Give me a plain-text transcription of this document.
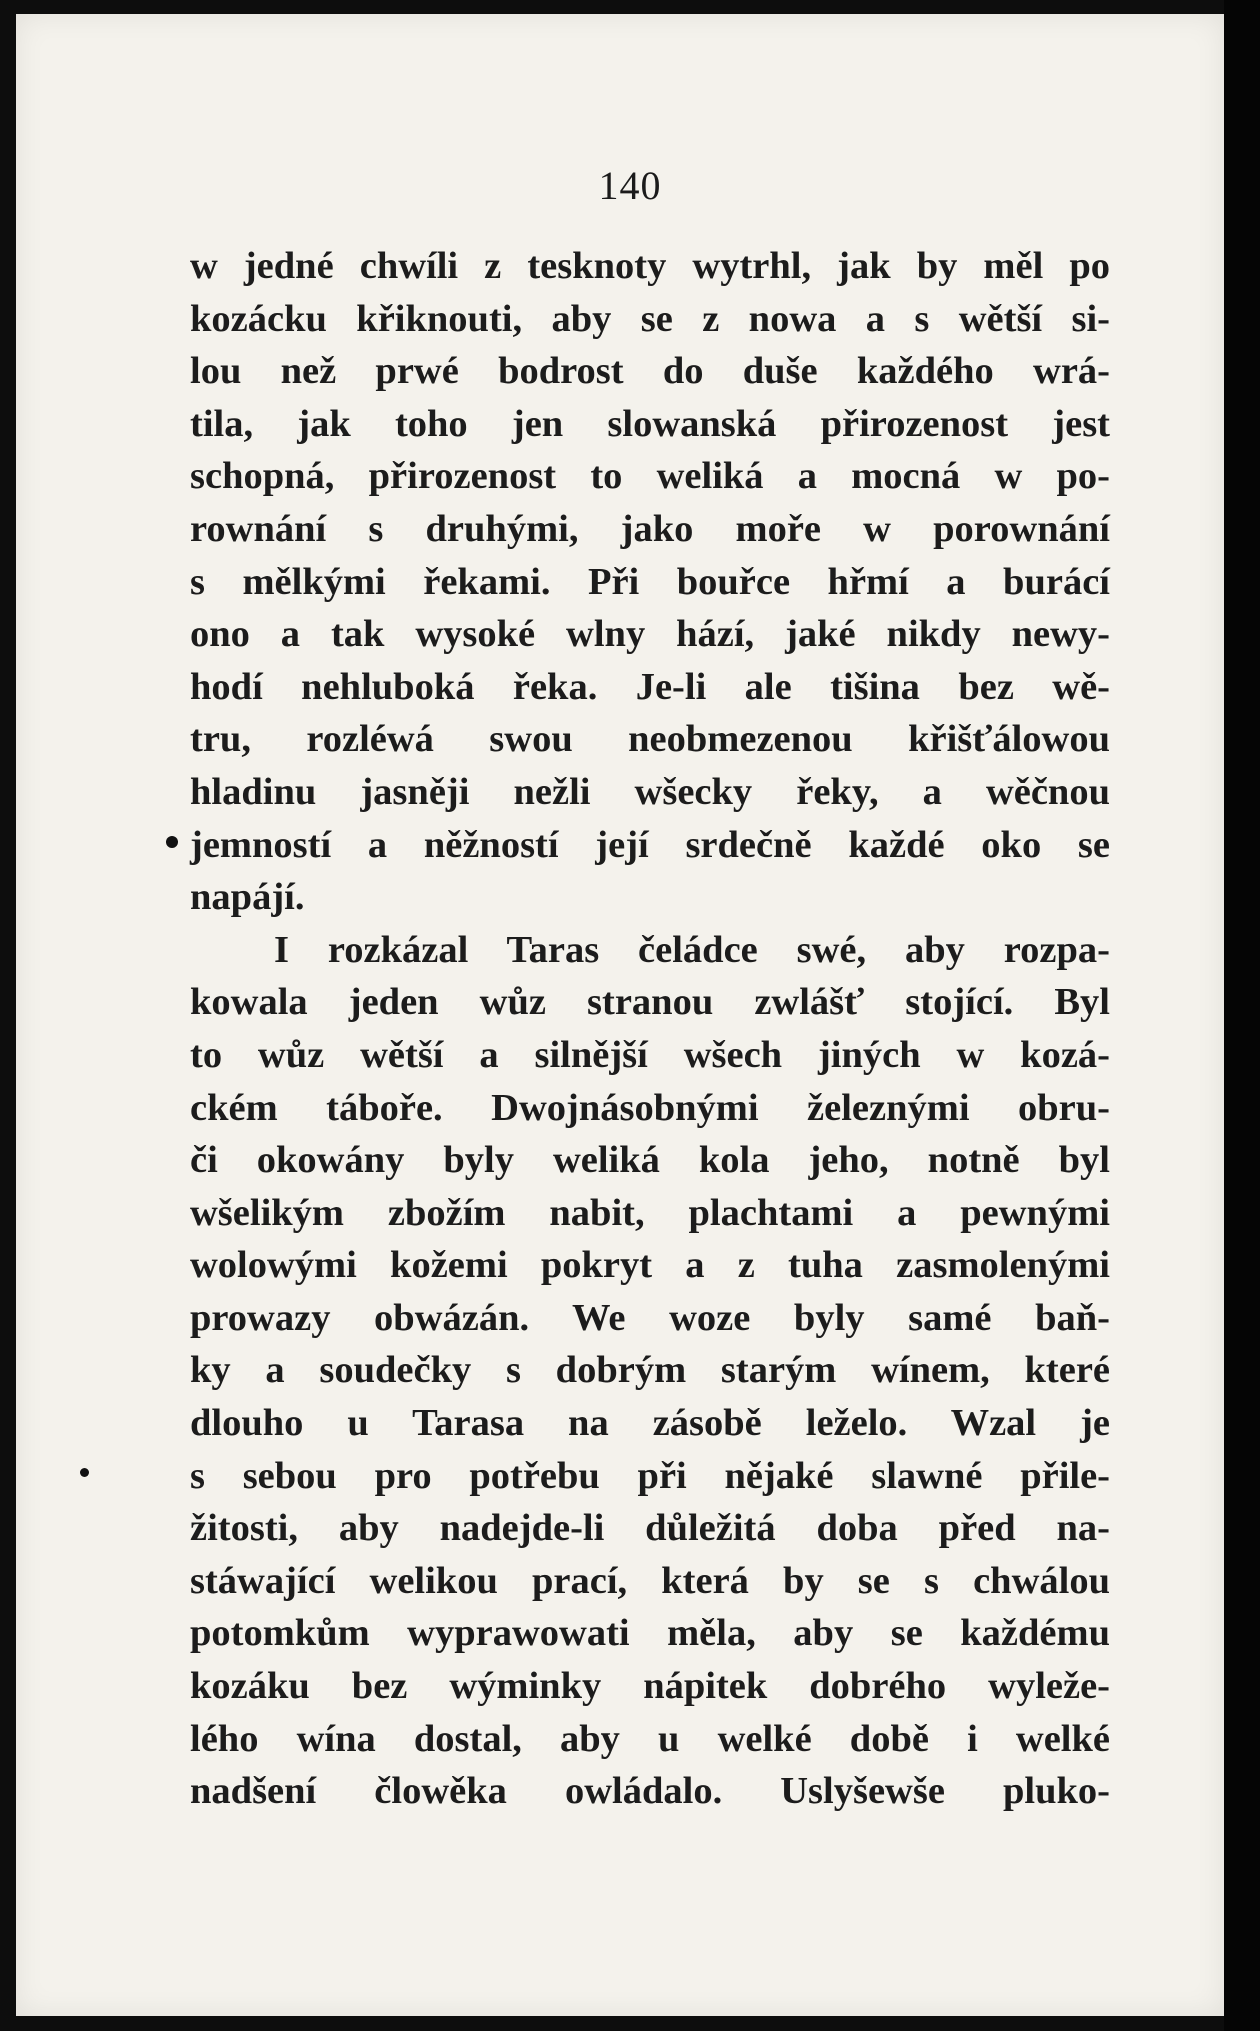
140
w jedné chwíli z tesknoty wytrhl, jak by měl po
kozácku křiknouti, aby se z nowa a s wětší si-
lou než prwé bodrost do duše každého wrá-
tila, jak toho jen slowanská přirozenost jest
schopná, přirozenost to weliká a mocná w po-
rownání s druhými, jako moře w porownání
s mělkými řekami. Při bouřce hřmí a burácí
ono a tak wysoké wlny hází, jaké nikdy newy-
hodí nehluboká řeka. Je-li ale tišina bez wě-
tru, rozléwá swou neobmezenou křišťálowou
hladinu jasněji nežli wšecky řeky, a wěčnou
jemností a něžností její srdečně každé oko se
napájí.
I rozkázal Taras čeládce swé, aby rozpa-
kowala jeden wůz stranou zwlášť stojící. Byl
to wůz wětší a silnější wšech jiných w kozá-
ckém táboře. Dwojnásobnými železnými obru-
či okowány byly weliká kola jeho, notně byl
wšelikým zbožím nabit, plachtami a pewnými
wolowými kožemi pokryt a z tuha zasmolenými
prowazy obwázán. We woze byly samé baň-
ky a soudečky s dobrým starým wínem, které
dlouho u Tarasa na zásobě leželo. Wzal je
s sebou pro potřebu při nějaké slawné přile-
žitosti, aby nadejde-li důležitá doba před na-
stáwající welikou prací, která by se s chwálou
potomkům wyprawowati měla, aby se každému
kozáku bez wýminky nápitek dobrého wyleže-
lého wína dostal, aby u welké době i welké
nadšení člowěka owládalo. Uslyšewše pluko-
